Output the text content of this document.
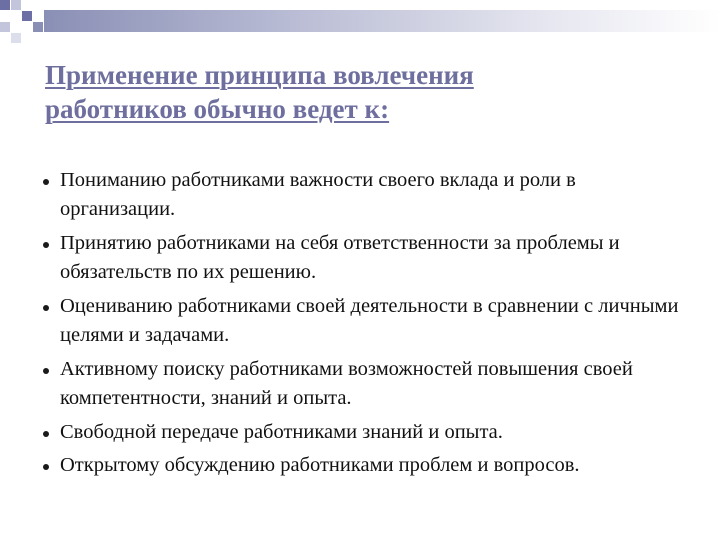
Применение принципа вовлечения
работников обычно ведет к:
Пониманию работниками важности своего вклада и роли в организации.
Принятию работниками на себя ответственности за проблемы и обязательств по их решению.
Оцениванию работниками своей деятельности в сравнении с личными целями и задачами.
Активному поиску работниками возможностей повышения своей компетентности, знаний и опыта.
Свободной передаче работниками знаний и опыта.
Открытому обсуждению работниками проблем и вопросов.
